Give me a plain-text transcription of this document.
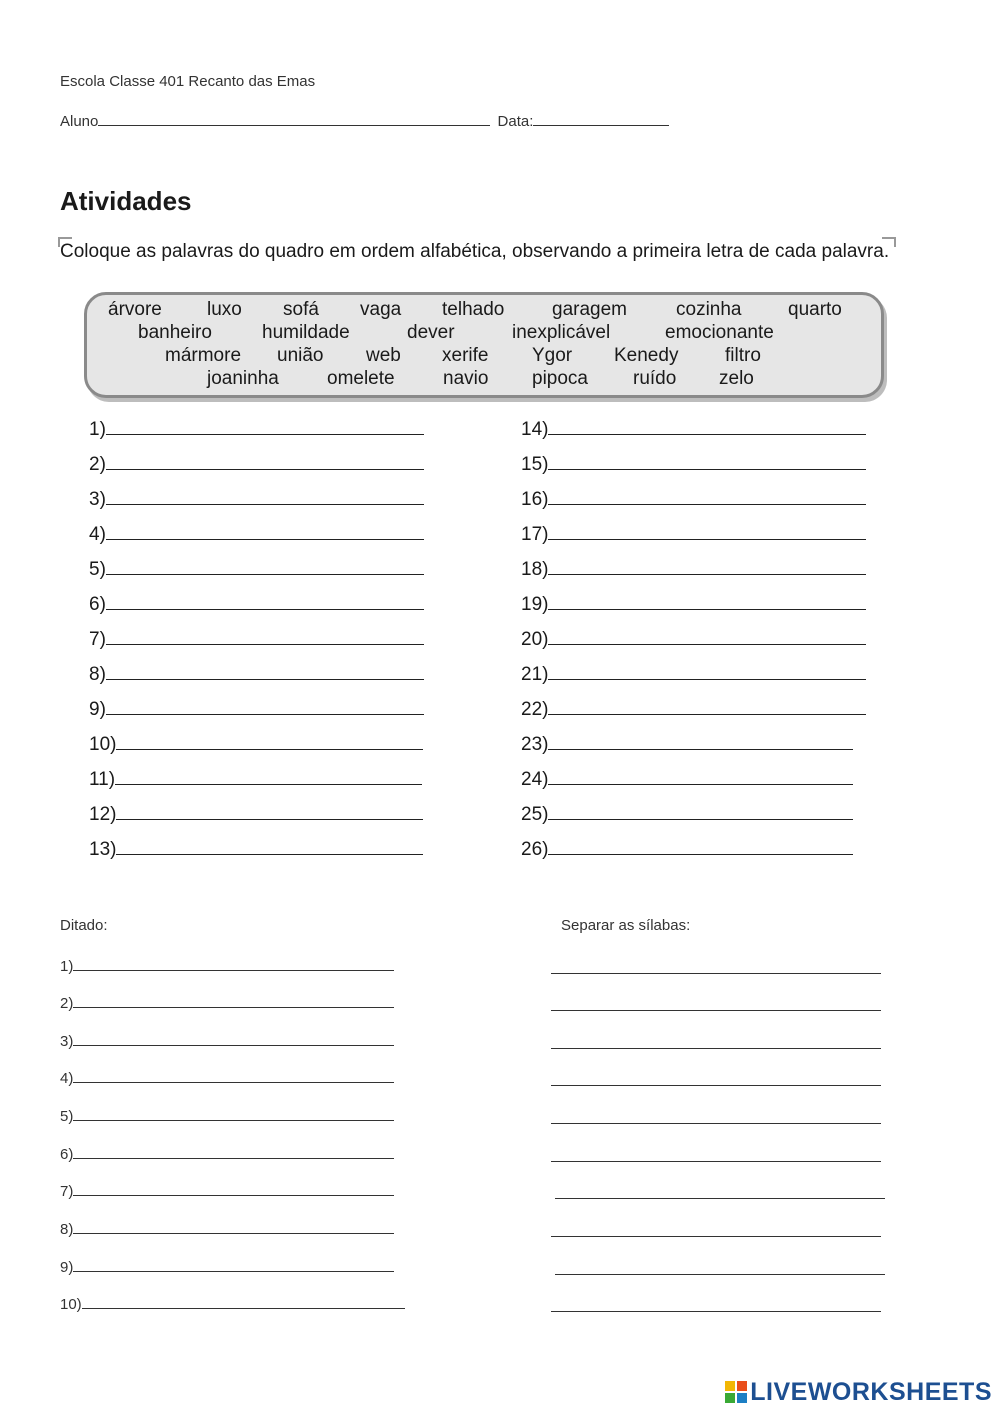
Escola Classe 401 Recanto das Emas
Aluno	Data:
Atividades
Coloque as palavras do quadro em ordem alfabética, observando a primeira letra de cada palavra.
árvore luxo sofá vaga telhado	garagem	cozinha quarto
banheiro	humildade	dever	inexplicável	emocionante
mármore união web xerife Ygor Kenedy filtro
joaninha	omelete	navio pipoca ruído zelo
1)
2)
3)
4)
5)
6)
7)
8)
9)
10)
11)
12)
13)
14)
15)
16)
17)
18)
19)
20)
21)
22)
23)
24)
25)
26)
Ditado:
1)
2)
3)
4)
5)
6)
7)
8)
9)
10)
Separar as sílabas:
LIVEWORKSHEETS
